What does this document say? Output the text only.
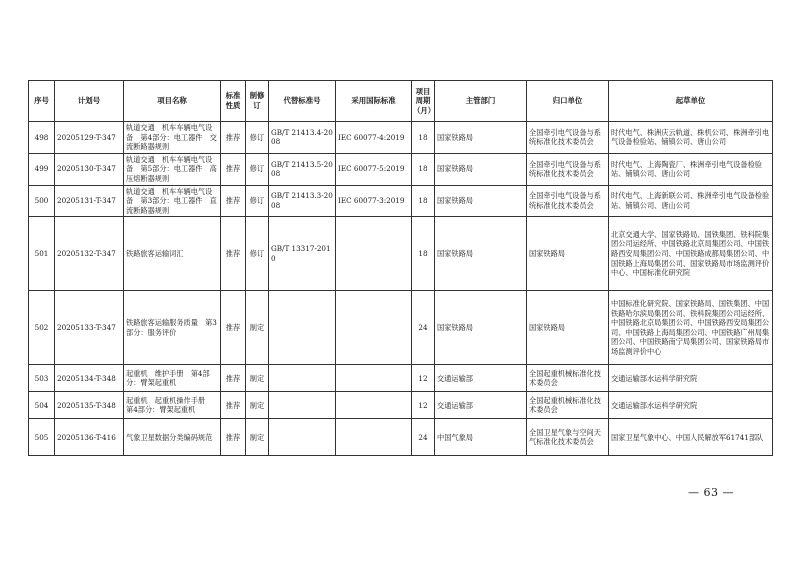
序号	计划号	项目名称	标准性质	制修订	代替标准号	采用国际标准	项目周期（月）	主管部门	归口单位	起草单位
498	20205129-T-347	轨道交通　机车车辆电气设备　第4部分：电工器件　交流断路器规则	推荐	修订	GB/T 21413.4-2008	IEC 60077-4:2019	18	国家铁路局	全国牵引电气设备与系统标准化技术委员会	时代电气、株洲庆云轨道、株机公司、株洲牵引电气设备检验站、铺镇公司、唐山公司
499	20205130-T-347	轨道交通　机车车辆电气设备　第5部分：电工器件　高压熔断器规则	推荐	修订	GB/T 21413.5-2008	IEC 60077-5:2019	18	国家铁路局	全国牵引电气设备与系统标准化技术委员会	时代电气、上海陶瓷厂、株洲牵引电气设备检验站、铺镇公司、唐山公司
500	20205131-T-347	轨道交通　机车车辆电气设备　第3部分：电工器件　直流断路器规则	推荐	修订	GB/T 21413.3-2008	IEC 60077-3:2019	18	国家铁路局	全国牵引电气设备与系统标准化技术委员会	时代电气、上海新联公司、株洲牵引电气设备检验站、铺镇公司、唐山公司
501	20205132-T-347	铁路旅客运输词汇	推荐	修订	GB/T 13317-2010		18	国家铁路局	国家铁路局	北京交通大学、国家铁路局、国铁集团、铁科院集团公司运经所、中国铁路北京局集团公司、中国铁路西安局集团公司、中国铁路成都局集团公司、中国铁路上海局集团公司、国家铁路局市场监测评价中心、中国标准化研究院
502	20205133-T-347	铁路旅客运输服务质量　第3部分：服务评价	推荐	制定			24	国家铁路局	国家铁路局	中国标准化研究院、国家铁路局、国铁集团、中国铁路哈尔滨局集团公司、铁科院集团公司运经所、中国铁路北京局集团公司、中国铁路西安局集团公司、中国铁路上海局集团公司、中国铁路广州局集团公司、中国铁路南宁局集团公司、国家铁路局市场监测评价中心
503	20205134-T-348	起重机　维护手册　第4部分：臂架起重机	推荐	制定			12	交通运输部	全国起重机械标准化技术委员会	交通运输部水运科学研究院
504	20205135-T-348	起重机　起重机操作手册　第4部分：臂架起重机	推荐	制定			12	交通运输部	全国起重机械标准化技术委员会	交通运输部水运科学研究院
505	20205136-T-416	气象卫星数据分类编码规范	推荐	制定			24	中国气象局	全国卫星气象与空间天气标准化技术委员会	国家卫星气象中心、中国人民解放军61741部队
— 63 —
